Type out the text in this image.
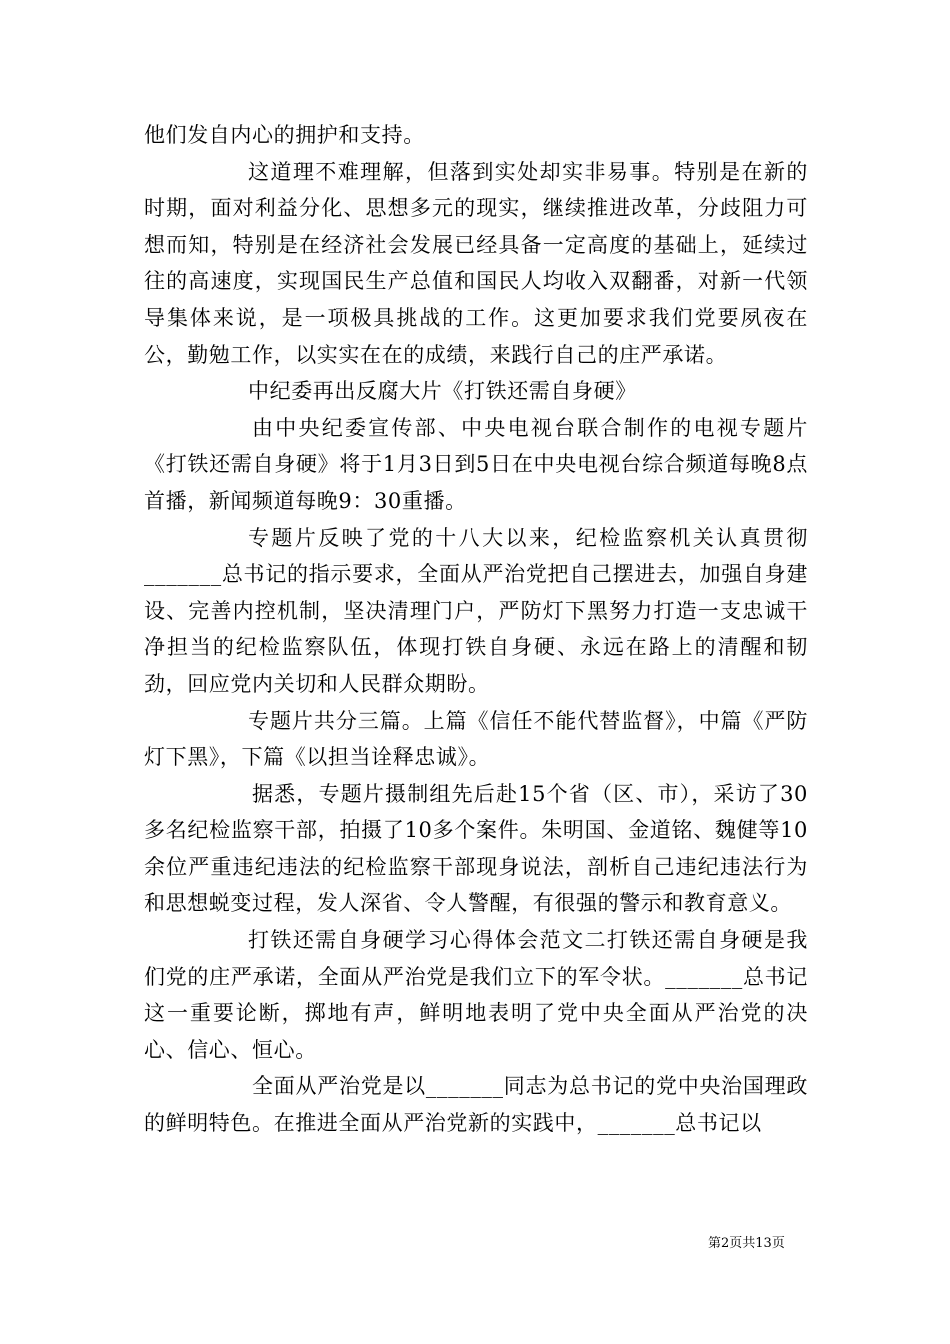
他们发自内心的拥护和支持。

这道理不难理解，但落到实处却实非易事。特别是在新的时期，面对利益分化、思想多元的现实，继续推进改革，分歧阻力可想而知，特别是在经济社会发展已经具备一定高度的基础上，延续过往的高速度，实现国民生产总值和国民人均收入双翻番，对新一代领导集体来说，是一项极具挑战的工作。这更加要求我们党要夙夜在公，勤勉工作，以实实在在的成绩，来践行自己的庄严承诺。

中纪委再出反腐大片《打铁还需自身硬》

由中央纪委宣传部、中央电视台联合制作的电视专题片《打铁还需自身硬》将于1月3日到5日在中央电视台综合频道每晚8点首播，新闻频道每晚9：30重播。

专题片反映了党的十八大以来，纪检监察机关认真贯彻_______总书记的指示要求，全面从严治党把自己摆进去，加强自身建设、完善内控机制，坚决清理门户，严防灯下黑努力打造一支忠诚干净担当的纪检监察队伍，体现打铁自身硬、永远在路上的清醒和韧劲，回应党内关切和人民群众期盼。

专题片共分三篇。上篇《信任不能代替监督》，中篇《严防灯下黑》，下篇《以担当诠释忠诚》。

据悉，专题片摄制组先后赴15个省（区、市），采访了30多名纪检监察干部，拍摄了10多个案件。朱明国、金道铭、魏健等10余位严重违纪违法的纪检监察干部现身说法，剖析自己违纪违法行为和思想蜕变过程，发人深省、令人警醒，有很强的警示和教育意义。

打铁还需自身硬学习心得体会范文二打铁还需自身硬是我们党的庄严承诺，全面从严治党是我们立下的军令状。_______总书记这一重要论断，掷地有声，鲜明地表明了党中央全面从严治党的决心、信心、恒心。

全面从严治党是以_______同志为总书记的党中央治国理政的鲜明特色。在推进全面从严治党新的实践中，_______总书记以

第2页共13页
